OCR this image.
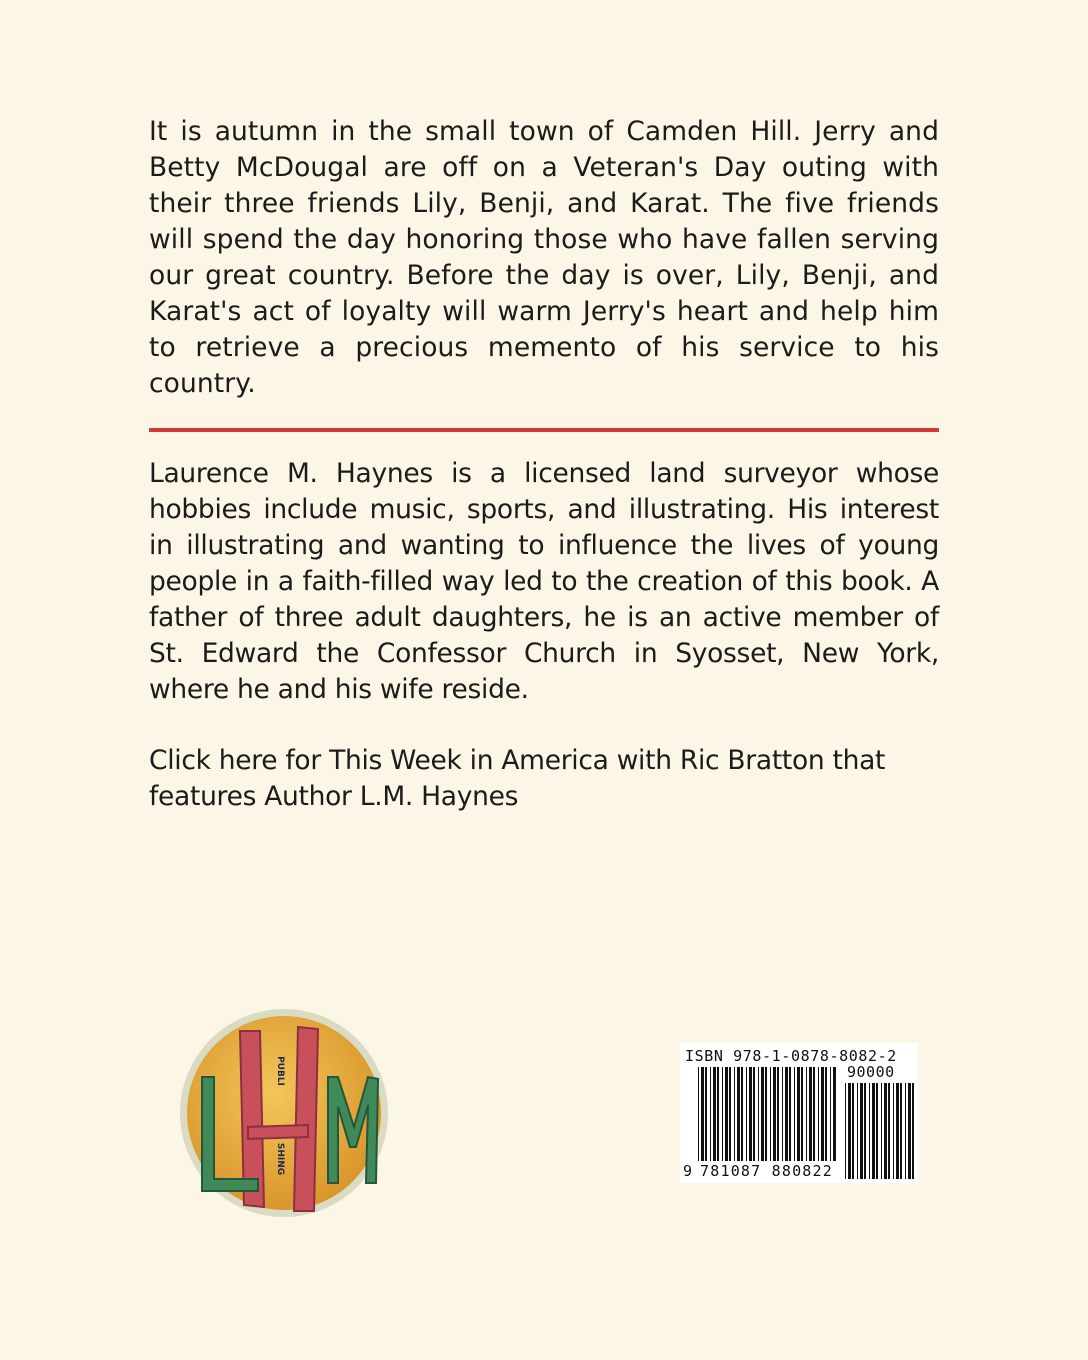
It is autumn in the small town of Camden Hill. Jerry and Betty McDougal are off on a Veteran's Day outing with their three friends Lily, Benji, and Karat. The five friends will spend the day honoring those who have fallen serving our great country. Before the day is over, Lily, Benji, and Karat's act of loyalty will warm Jerry's heart and help him to retrieve a precious memento of his service to his country.
Laurence M. Haynes is a licensed land surveyor whose hobbies include music, sports, and illustrating. His interest in illustrating and wanting to influence the lives of young people in a faith-filled way led to the creation of this book. A father of three adult daughters, he is an active member of St. Edward the Confessor Church in Syosset, New York, where he and his wife reside.
Click here for This Week in America with Ric Bratton that features Author L.M. Haynes
PUBLI
SHING
ISBN 978-1-0878-8082-2
90000
9 781087 880822
